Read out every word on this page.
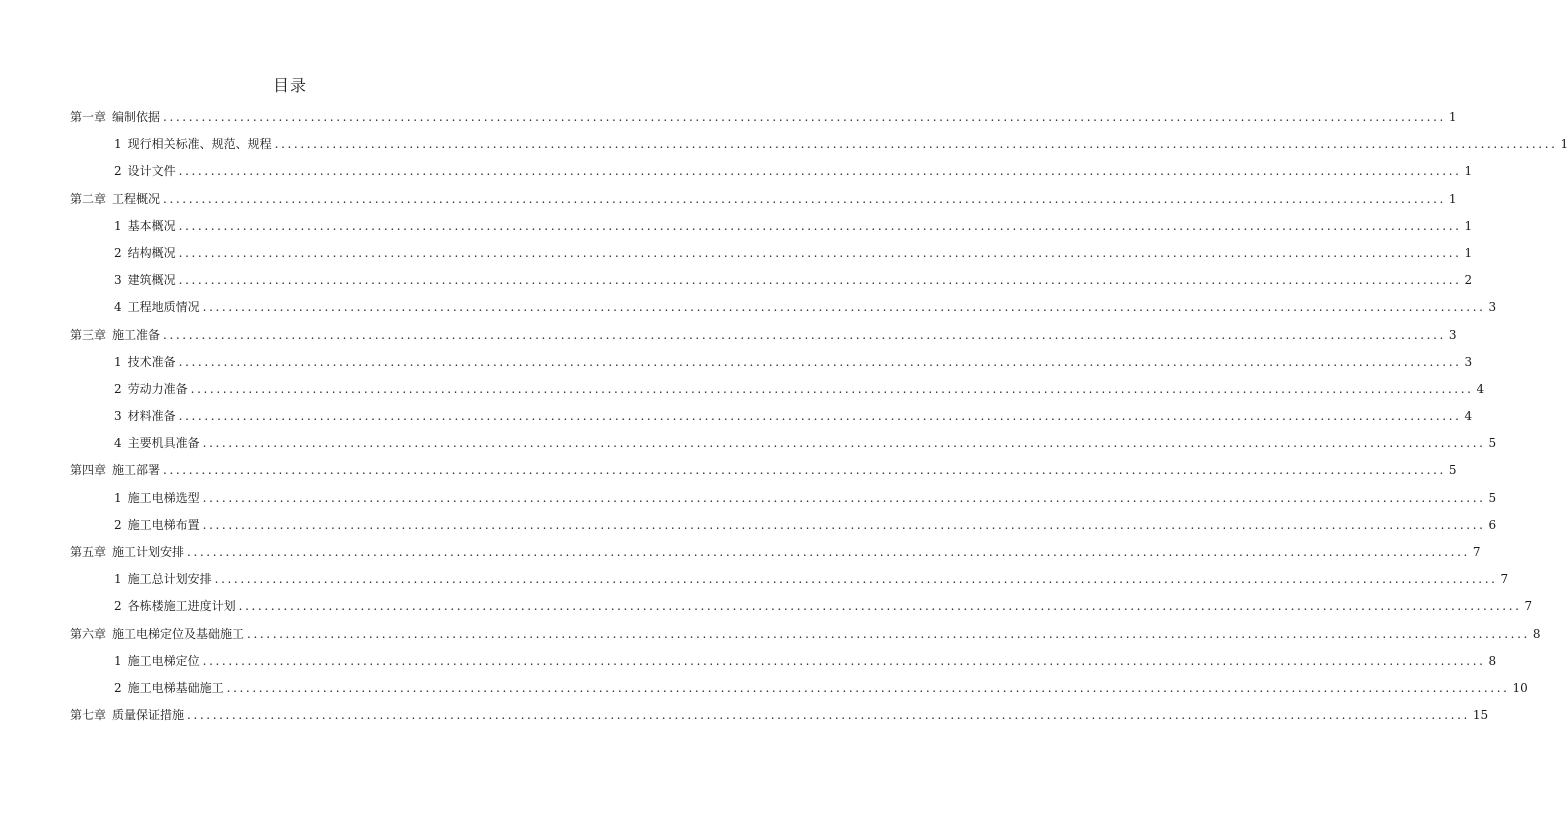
目录
第一章 编制依据 ........................................................................................................................................................................................................ 1
1 现行相关标准、规范、规程 ........................................................................................................................................................................................................ 1
2 设计文件 ........................................................................................................................................................................................................ 1
第二章 工程概况 ........................................................................................................................................................................................................ 1
1 基本概况 ........................................................................................................................................................................................................ 1
2 结构概况 ........................................................................................................................................................................................................ 1
3 建筑概况 ........................................................................................................................................................................................................ 2
4 工程地质情况 ........................................................................................................................................................................................................ 3
第三章 施工准备 ........................................................................................................................................................................................................ 3
1 技术准备 ........................................................................................................................................................................................................ 3
2 劳动力准备 ........................................................................................................................................................................................................ 4
3 材料准备 ........................................................................................................................................................................................................ 4
4 主要机具准备 ........................................................................................................................................................................................................ 5
第四章 施工部署 ........................................................................................................................................................................................................ 5
1 施工电梯选型 ........................................................................................................................................................................................................ 5
2 施工电梯布置 ........................................................................................................................................................................................................ 6
第五章 施工计划安排 ........................................................................................................................................................................................................ 7
1 施工总计划安排 ........................................................................................................................................................................................................ 7
2 各栋楼施工进度计划 ........................................................................................................................................................................................................ 7
第六章 施工电梯定位及基础施工 ........................................................................................................................................................................................................ 8
1 施工电梯定位 ........................................................................................................................................................................................................ 8
2 施工电梯基础施工 ........................................................................................................................................................................................................ 10
第七章 质量保证措施 ........................................................................................................................................................................................................ 15
